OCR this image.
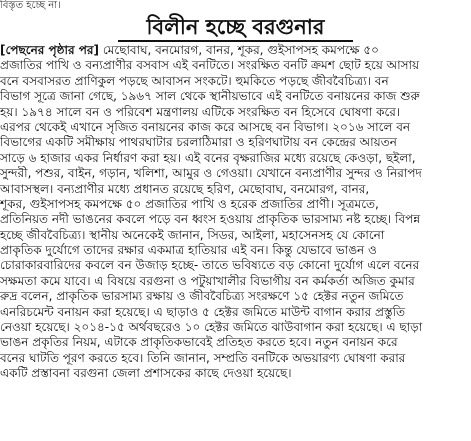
বিস্তৃত হচ্ছে না।
বিলীন হচ্ছে বরগুনার
[পেছনের পৃষ্ঠার পর] মেছোবাঘ, বনমোরগ, বানর, শূকর, গুইসাপসহ কমপক্ষে ৫০
প্রজাতির পাখি ও বন্যপ্রাণীর বসবাস এই বনটিতে। সংরক্ষিত বনটি ক্রমশ ছোট হয়ে আসায়
বনে বসবাসরত প্রাণিকুল পড়ছে আবাসন সংকটে। হুমকিতে পড়ছে জীববৈচিত্র্য। বন
বিভাগ সূত্রে জানা গেছে, ১৯৬৭ সাল থেকে স্থানীয়ভাবে এই বনটিতে বনায়নের কাজ শুরু
হয়। ১৯৭৪ সালে বন ও পরিবেশ মন্ত্রণালয় এটিকে সংরক্ষিত বন হিসেবে ঘোষণা করে।
এরপর থেকেই এখানে সৃজিত বনায়নের কাজ করে আসছে বন বিভাগ। ২০১৬ সালে বন
বিভাগের একটি সমীক্ষায় পাথরঘাটার চরলাঠিমারা ও হরিণঘাটায় বন কেন্দ্রের আয়তন
সাড়ে ৬ হাজার একর নির্ধারণ করা হয়। এই বনের বৃক্ষরাজির মধ্যে রয়েছে কেওড়া, ছইলা,
সুন্দরী, পশুর, বাইন, গড়ান, খলিশা, আমুর ও গেওয়া। যেখানে বন্যপ্রাণীর সুন্দর ও নিরাপদ
আবাসস্থল। বন্যপ্রাণীর মধ্যে প্রধানত রয়েছে হরিণ, মেছোবাঘ, বনমোরগ, বানর,
শূকর, গুইসাপসহ কমপক্ষে ৫০ প্রজাতির পাখি ও হরেক প্রজাতির প্রাণী। সূত্রমতে,
প্রতিনিয়ত নদী ভাঙনের কবলে পড়ে বন ধ্বংস হওয়ায় প্রাকৃতিক ভারসাম্য নষ্ট হচ্ছে। বিপন্ন
হচ্ছে জীববৈচিত্র্য। স্থানীয় অনেকেই জানান, সিডর, আইলা, মহাসেনসহ যে কোনো
প্রাকৃতিক দুর্যোগে তাদের রক্ষার একমাত্র হাতিয়ার এই বন। কিন্তু যেভাবে ভাঙন ও
চোরাকারবারিদের কবলে বন উজাড় হচ্ছে- তাতে ভবিষ্যতে বড় কোনো দুর্যোগ এলে বনের
সক্ষমতা কমে যাবে। এ বিষয়ে বরগুনা ও পটুয়াখালীর বিভাগীয় বন কর্মকর্তা অজিত কুমার
রুদ্র বলেন, প্রাকৃতিক ভারসাম্য রক্ষায় ও জীববৈচিত্র্য সংরক্ষণে ১৫ হেক্টর নতুন জমিতে
এনরিচমেন্ট বনায়ন করা হয়েছে। এ ছাড়াও ৫ হেক্টর জমিতে মাউন্ট বাগান করার প্রস্তুতি
নেওয়া হয়েছে। ২০১৪-১৫ অর্থবছরেও ১০ হেক্টর জমিতে ঝাউবাগান করা হয়েছে। এ ছাড়া
ভাঙন প্রকৃতির নিয়ম, এটাকে প্রাকৃতিকভাবেই প্রতিহত করতে হবে। নতুন বনায়ন করে
বনের ঘাটতি পূরণ করতে হবে। তিনি জানান, সম্প্রতি বনটিকে অভয়ারণ্য ঘোষণা করার
একটি প্রস্তাবনা বরগুনা জেলা প্রশাসকের কাছে দেওয়া হয়েছে।
